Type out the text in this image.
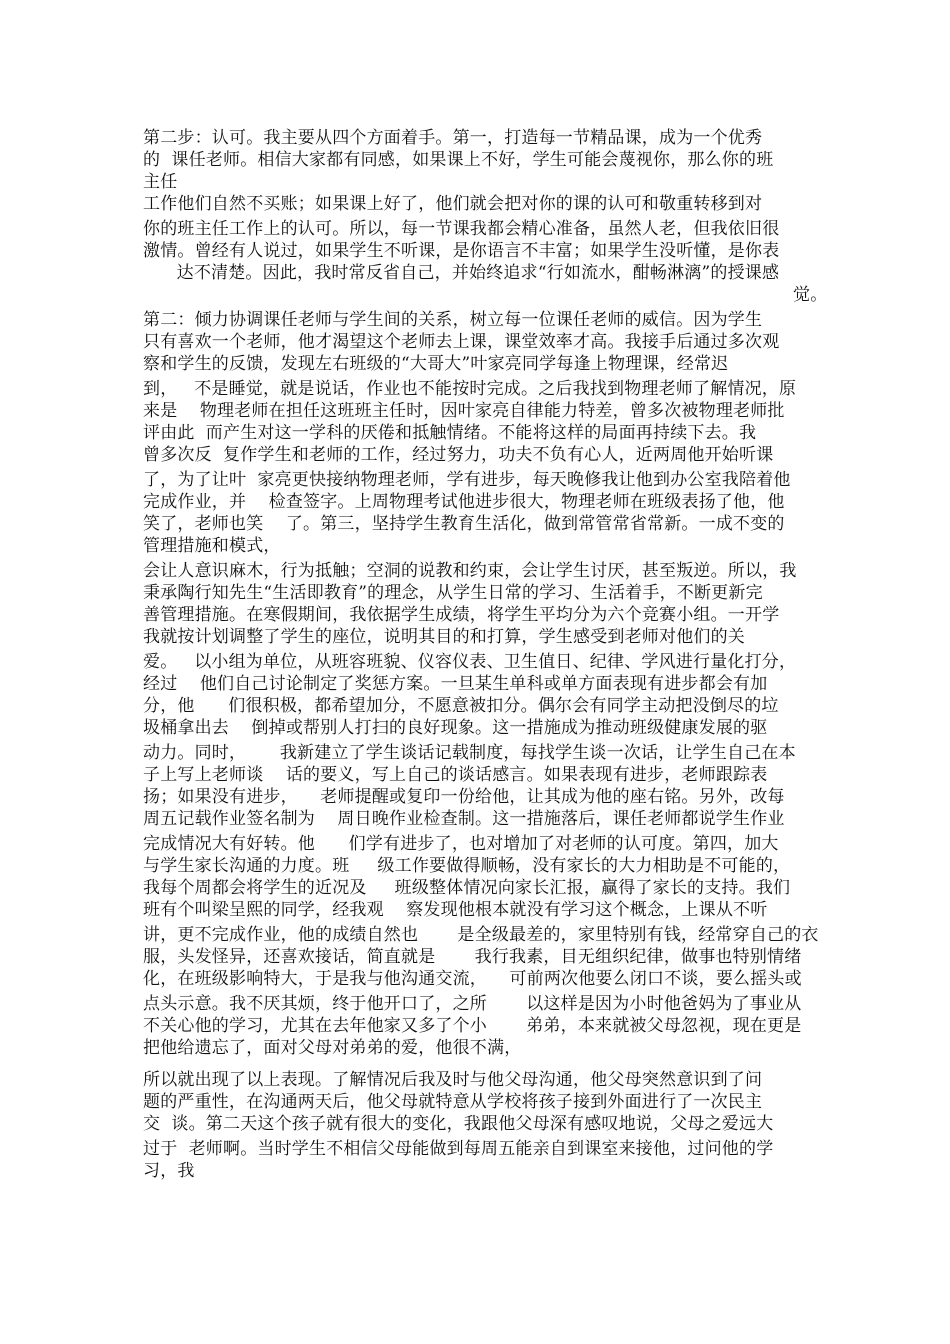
第二步：认可。我主要从四个方面着手。第一，打造每一节精品课，成为一个优秀
的  课任老师。相信大家都有同感，如果课上不好，学生可能会蔑视你，那么你的班
主任
工作他们自然不买账；如果课上好了，他们就会把对你的课的认可和敬重转移到对
你的班主任工作上的认可。所以，每一节课我都会精心准备，虽然人老，但我依旧很
激情。曾经有人说过，如果学生不听课，是你语言不丰富；如果学生没听懂，是你表
达不清楚。因此，我时常反省自己，并始终追求“行如流水，酣畅淋漓”的授课感
觉。
第二：倾力协调课任老师与学生间的关系，树立每一位课任老师的威信。因为学生
只有喜欢一个老师，他才渴望这个老师去上课，课堂效率才高。我接手后通过多次观
察和学生的反馈，发现左右班级的“大哥大”叶家亮同学每逢上物理课，经常迟
到，   不是睡觉，就是说话，作业也不能按时完成。之后我找到物理老师了解情况，原
来是    物理老师在担任这班班主任时，因叶家亮自律能力特差，曾多次被物理老师批
评由此  而产生对这一学科的厌倦和抵触情绪。不能将这样的局面再持续下去。我
曾多次反  复作学生和老师的工作，经过努力，功夫不负有心人，近两周他开始听课
了，为了让叶  家亮更快接纳物理老师，学有进步，每天晚修我让他到办公室我陪着他
完成作业，并    检查签字。上周物理考试他进步很大，物理老师在班级表扬了他，他
笑了，老师也笑    了。第三，坚持学生教育生活化，做到常管常省常新。一成不变的
管理措施和模式，
会让人意识麻木，行为抵触；空洞的说教和约束，会让学生讨厌，甚至叛逆。所以，我
秉承陶行知先生“生活即教育”的理念，从学生日常的学习、生活着手，不断更新完
善管理措施。在寒假期间，我依据学生成绩，将学生平均分为六个竞赛小组。一开学
我就按计划调整了学生的座位，说明其目的和打算，学生感受到老师对他们的关
爱。   以小组为单位，从班容班貌、仪容仪表、卫生值日、纪律、学风进行量化打分，
经过    他们自己讨论制定了奖惩方案。一旦某生单科或单方面表现有进步都会有加
分，他      们很积极，都希望加分，不愿意被扣分。偶尔会有同学主动把没倒尽的垃
圾桶拿出去    倒掉或帮别人打扫的良好现象。这一措施成为推动班级健康发展的驱
动力。同时，      我新建立了学生谈话记载制度，每找学生谈一次话，让学生自己在本
子上写上老师谈    话的要义，写上自己的谈话感言。如果表现有进步，老师跟踪表
扬；如果没有进步，    老师提醒或复印一份给他，让其成为他的座右铭。另外，改每
周五记载作业签名制为    周日晚作业检查制。这一措施落后，课任老师都说学生作业
完成情况大有好转。他      们学有进步了，也对增加了对老师的认可度。第四，加大
与学生家长沟通的力度。班     级工作要做得顺畅，没有家长的大力相助是不可能的，
我每个周都会将学生的近况及     班级整体情况向家长汇报，赢得了家长的支持。我们
班有个叫梁呈熙的同学，经我观    察发现他根本就没有学习这个概念，上课从不听
讲，更不完成作业，他的成绩自然也       是全级最差的，家里特别有钱，经常穿自己的衣
服，头发怪异，还喜欢接话，简直就是       我行我素，目无组织纪律，做事也特别情绪
化，在班级影响特大，于是我与他沟通交流，    可前两次他要么闭口不谈，要么摇头或
点头示意。我不厌其烦，终于他开口了，之所       以这样是因为小时他爸妈为了事业从
不关心他的学习，尤其在去年他家又多了个小       弟弟，本来就被父母忽视，现在更是
把他给遗忘了，面对父母对弟弟的爱，他很不满，
所以就出现了以上表现。了解情况后我及时与他父母沟通，他父母突然意识到了问
题的严重性，在沟通两天后，他父母就特意从学校将孩子接到外面进行了一次民主
交  谈。第二天这个孩子就有很大的变化，我跟他父母深有感叹地说，父母之爱远大
过于  老师啊。当时学生不相信父母能做到每周五能亲自到课室来接他，过问他的学
习，我
